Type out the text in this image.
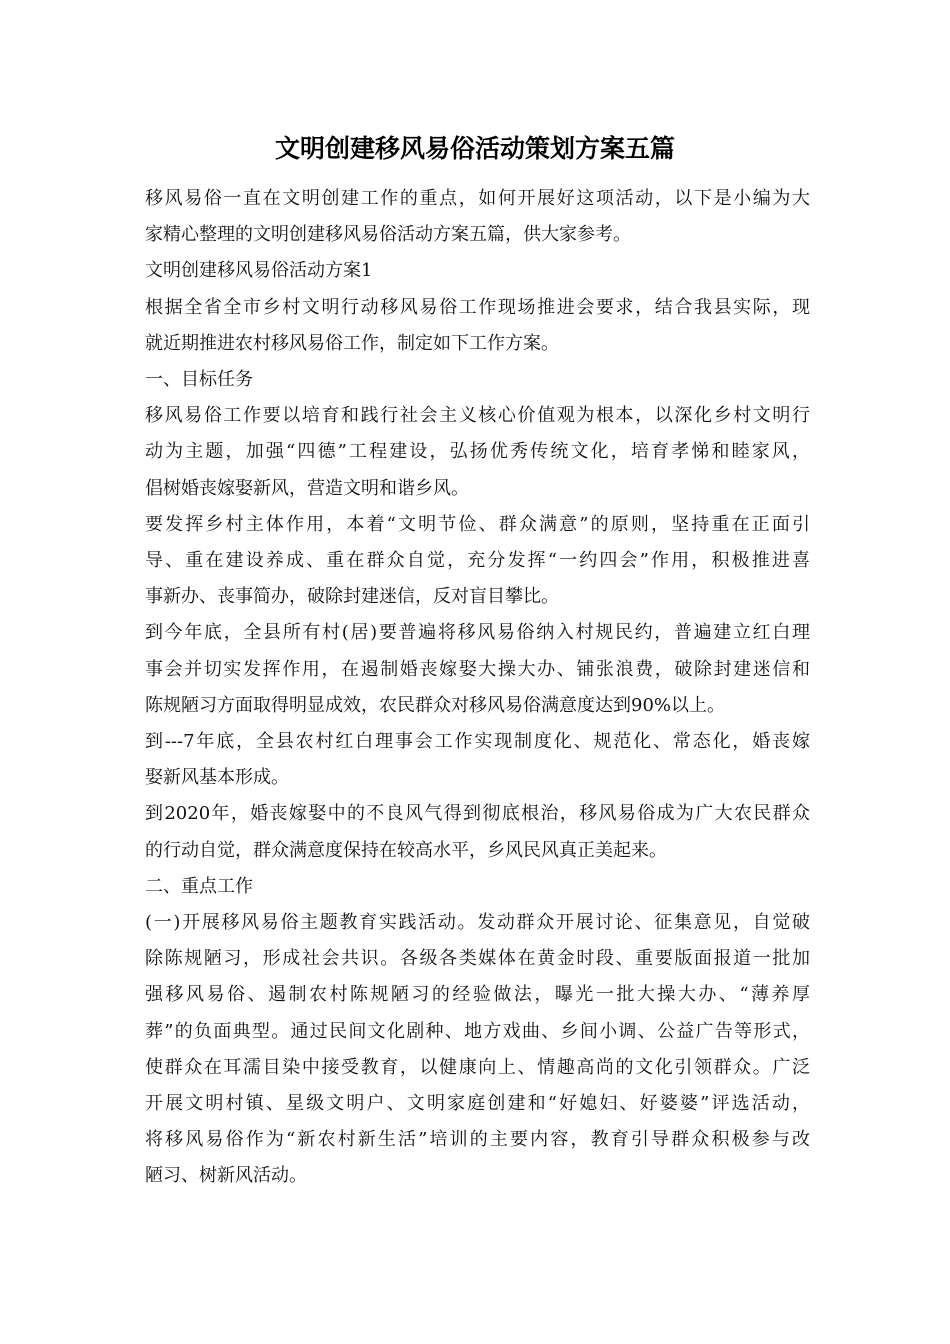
文明创建移风易俗活动策划方案五篇
移风易俗一直在文明创建工作的重点，如何开展好这项活动，以下是小编为大
家精心整理的文明创建移风易俗活动方案五篇，供大家参考。
文明创建移风易俗活动方案1
根据全省全市乡村文明行动移风易俗工作现场推进会要求，结合我县实际，现
就近期推进农村移风易俗工作，制定如下工作方案。
一、目标任务
移风易俗工作要以培育和践行社会主义核心价值观为根本，以深化乡村文明行
动为主题，加强“四德”工程建设，弘扬优秀传统文化，培育孝悌和睦家风，
倡树婚丧嫁娶新风，营造文明和谐乡风。
要发挥乡村主体作用，本着“文明节俭、群众满意”的原则，坚持重在正面引
导、重在建设养成、重在群众自觉，充分发挥“一约四会”作用，积极推进喜
事新办、丧事简办，破除封建迷信，反对盲目攀比。
到今年底，全县所有村(居)要普遍将移风易俗纳入村规民约，普遍建立红白理
事会并切实发挥作用，在遏制婚丧嫁娶大操大办、铺张浪费，破除封建迷信和
陈规陋习方面取得明显成效，农民群众对移风易俗满意度达到90%以上。
到---7年底，全县农村红白理事会工作实现制度化、规范化、常态化，婚丧嫁
娶新风基本形成。
到2020年，婚丧嫁娶中的不良风气得到彻底根治，移风易俗成为广大农民群众
的行动自觉，群众满意度保持在较高水平，乡风民风真正美起来。
二、重点工作
(一)开展移风易俗主题教育实践活动。发动群众开展讨论、征集意见，自觉破
除陈规陋习，形成社会共识。各级各类媒体在黄金时段、重要版面报道一批加
强移风易俗、遏制农村陈规陋习的经验做法，曝光一批大操大办、“薄养厚
葬”的负面典型。通过民间文化剧种、地方戏曲、乡间小调、公益广告等形式，
使群众在耳濡目染中接受教育，以健康向上、情趣高尚的文化引领群众。广泛
开展文明村镇、星级文明户、文明家庭创建和“好媳妇、好婆婆”评选活动，
将移风易俗作为“新农村新生活”培训的主要内容，教育引导群众积极参与改
陋习、树新风活动。
